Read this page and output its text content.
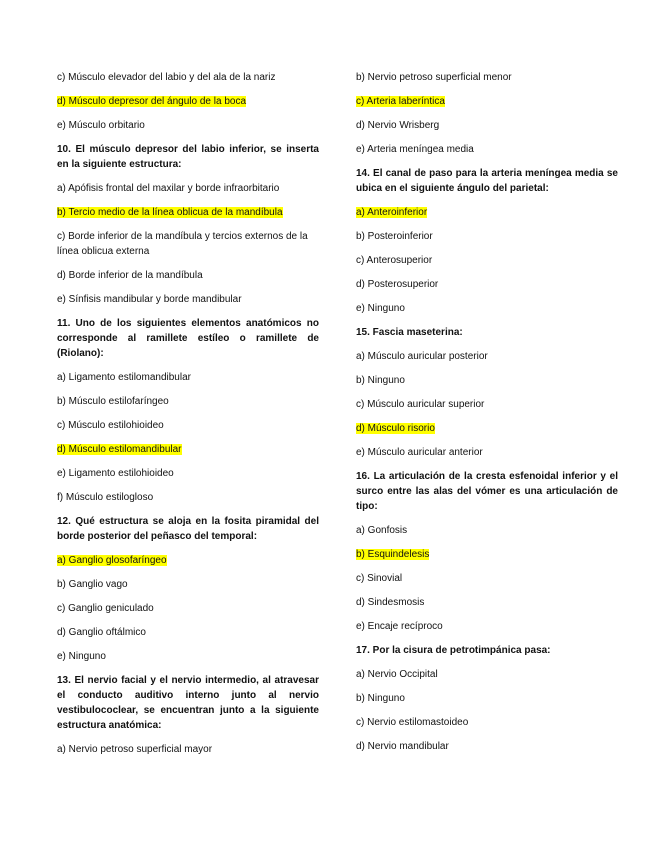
c) Músculo elevador del labio y del ala de la nariz

d) Músculo depresor del ángulo de la boca

e) Músculo orbitario

10. El músculo depresor del labio inferior, se inserta en la siguiente estructura:

a) Apófisis frontal del maxilar y borde infraorbitario

b) Tercio medio de la línea oblicua de la mandíbula

c) Borde inferior de la mandíbula y tercios externos de la línea oblicua externa

d) Borde inferior de la mandíbula

e) Sínfisis mandibular y borde mandibular

11. Uno de los siguientes elementos anatómicos no corresponde al ramillete estíleo o ramillete de (Riolano):

a) Ligamento estilomandibular

b) Músculo estilofaríngeo

c) Músculo estilohioideo

d) Músculo estilomandibular

e) Ligamento estilohioideo

f) Músculo estilogloso

12. Qué estructura se aloja en la fosita piramidal del borde posterior del peñasco del temporal:

a) Ganglio glosofaríngeo

b) Ganglio vago

c) Ganglio geniculado

d) Ganglio oftálmico

e) Ninguno

13. El nervio facial y el nervio intermedio, al atravesar el conducto auditivo interno junto al nervio vestibulococlear, se encuentran junto a la siguiente estructura anatómica:

a) Nervio petroso superficial mayor

b) Nervio petroso superficial menor

c) Arteria laberíntica

d) Nervio Wrisberg

e) Arteria meníngea media

14. El canal de paso para la arteria meníngea media se ubica en el siguiente ángulo del parietal:

a) Anteroinferior

b) Posteroinferior

c) Anterosuperior

d) Posterosuperior

e) Ninguno

15. Fascia maseterina:

a) Músculo auricular posterior

b) Ninguno

c) Músculo auricular superior

d) Músculo risorio

e) Músculo auricular anterior

16. La articulación de la cresta esfenoidal inferior y el surco entre las alas del vómer es una articulación de tipo:

a) Gonfosis

b) Esquindelesis

c) Sinovial

d) Sindesmosis

e) Encaje recíproco

17. Por la cisura de petrotimpánica pasa:

a) Nervio Occipital

b) Ninguno

c) Nervio estilomastoideo

d) Nervio mandibular
